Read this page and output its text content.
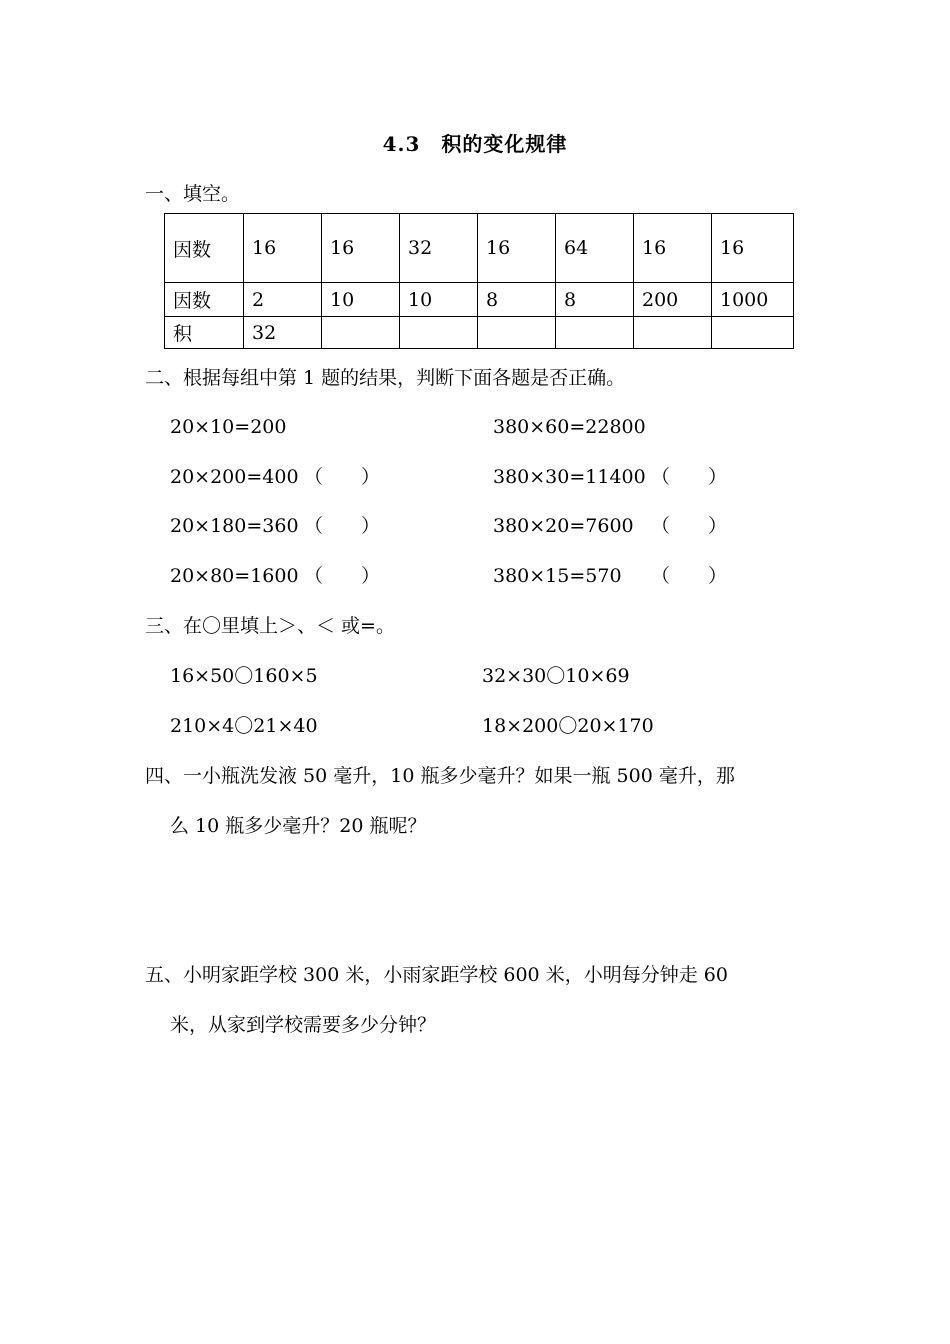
4.3　积的变化规律
一、填空。
因数	16	16	32	16	64	16	16
因数	2	10	10	8	8	200	1000
积	32						
二、根据每组中第 1 题的结果，判断下面各题是否正确。
20×10=200	380×60=22800
20×200=400 （　　）	380×30=11400 （　　）
20×180=360 （　　）	380×20=7600 （　　）
20×80=1600 （　　）	380×15=570 （　　）
三、在〇里填上＞、＜ 或=。
16×50〇160×5	32×30〇10×69
210×4〇21×40	18×200〇20×170
四、一小瓶洗发液 50 毫升，10 瓶多少毫升？如果一瓶 500 毫升，那
么 10 瓶多少毫升？20 瓶呢？
五、小明家距学校 300 米，小雨家距学校 600 米，小明每分钟走 60
米，从家到学校需要多少分钟？
